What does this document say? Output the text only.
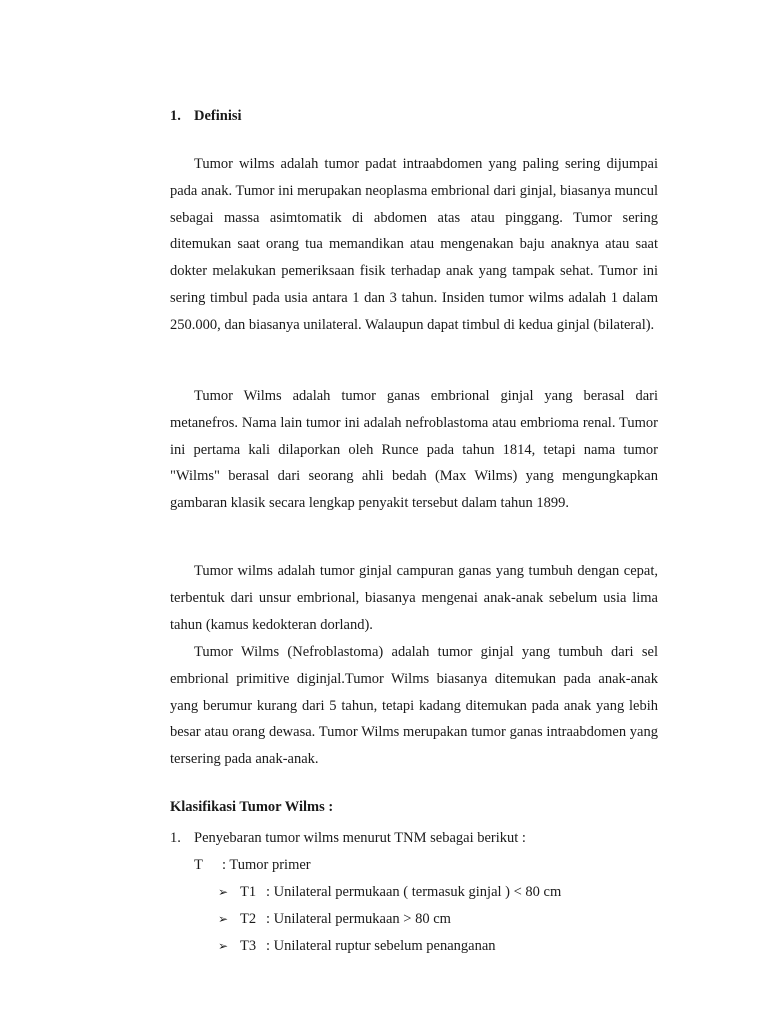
1. Definisi

Tumor wilms adalah tumor padat intraabdomen yang paling sering dijumpai pada anak. Tumor ini merupakan neoplasma embrional dari ginjal, biasanya muncul sebagai massa asimtomatik di abdomen atas atau pinggang. Tumor sering ditemukan saat orang tua memandikan atau mengenakan baju anaknya atau saat dokter melakukan pemeriksaan fisik terhadap anak yang tampak sehat. Tumor ini sering timbul pada usia antara 1 dan 3 tahun. Insiden tumor wilms adalah 1 dalam 250.000, dan biasanya unilateral. Walaupun dapat timbul di kedua ginjal (bilateral).

Tumor Wilms adalah tumor ganas embrional ginjal yang berasal dari metanefros. Nama lain tumor ini adalah nefroblastoma atau embrioma renal. Tumor ini pertama kali dilaporkan oleh Runce pada tahun 1814, tetapi nama tumor "Wilms" berasal dari seorang ahli bedah (Max Wilms) yang mengungkapkan gambaran klasik secara lengkap penyakit tersebut dalam tahun 1899.

Tumor wilms adalah tumor ginjal campuran ganas yang tumbuh dengan cepat, terbentuk dari unsur embrional, biasanya mengenai anak-anak sebelum usia lima tahun (kamus kedokteran dorland).

Tumor Wilms (Nefroblastoma) adalah tumor ginjal yang tumbuh dari sel embrional primitive diginjal.Tumor Wilms biasanya ditemukan pada anak-anak yang berumur kurang dari 5 tahun, tetapi kadang ditemukan pada anak yang lebih besar atau orang dewasa. Tumor Wilms merupakan tumor ganas intraabdomen yang tersering pada anak-anak.

Klasifikasi Tumor Wilms :
1. Penyebaran tumor wilms menurut TNM sebagai berikut :
T : Tumor primer
➢ T1 : Unilateral permukaan ( termasuk ginjal ) < 80 cm
➢ T2 : Unilateral permukaan > 80 cm
➢ T3 : Unilateral ruptur sebelum penanganan
